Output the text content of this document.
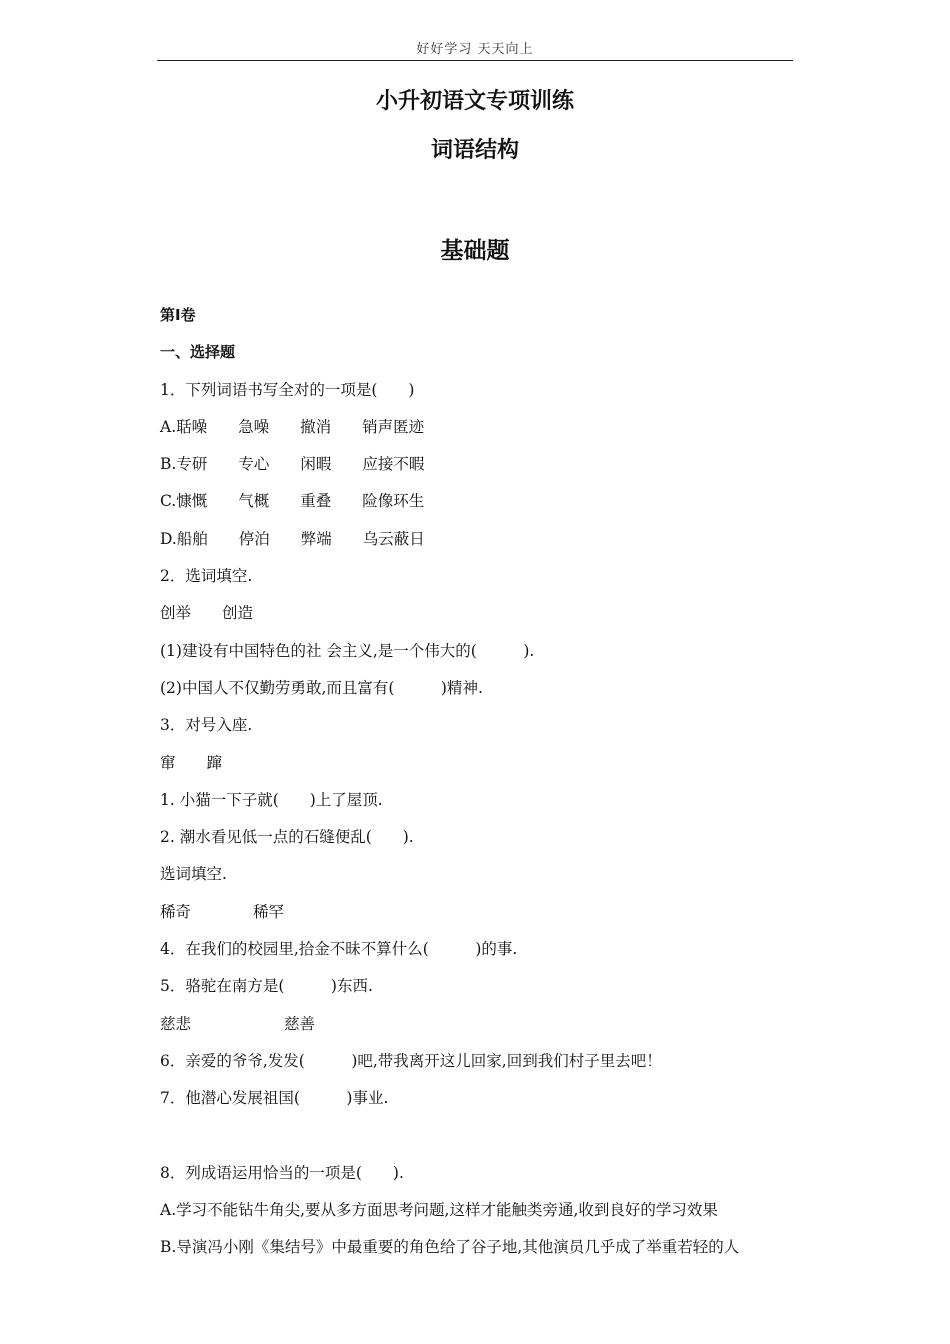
好好学习 天天向上
小升初语文专项训练
词语结构
基础题
第Ⅰ卷
一、选择题
1．下列词语书写全对的一项是(　　)
A.聒噪　　急噪　　撤消　　销声匿迹
B.专研　　专心　　闲暇　　应接不暇
C.慷慨　　气概　　重叠　　险像环生
D.船舶　　停泊　　弊端　　乌云蔽日
2．选词填空.
创举　　创造
(1)建设有中国特色的社 会主义,是一个伟大的(　　　).
(2)中国人不仅勤劳勇敢,而且富有(　　　)精神.
3．对号入座.
窜　　蹿
1. 小猫一下子就(　　)上了屋顶.
2. 潮水看见低一点的石缝便乱(　　).
选词填空.
稀奇　　　　稀罕
4．在我们的校园里,拾金不昧不算什么(　　　)的事.
5．骆驼在南方是(　　　)东西.
慈悲　　　　　　慈善
6．亲爱的爷爷,发发(　　　)吧,带我离开这儿回家,回到我们村子里去吧！
7．他潜心发展祖国(　　　)事业.
8．列成语运用恰当的一项是(　　).
A.学习不能钻牛角尖,要从多方面思考问题,这样才能触类旁通,收到良好的学习效果
B.导演冯小刚《集结号》中最重要的角色给了谷子地,其他演员几乎成了举重若轻的人
